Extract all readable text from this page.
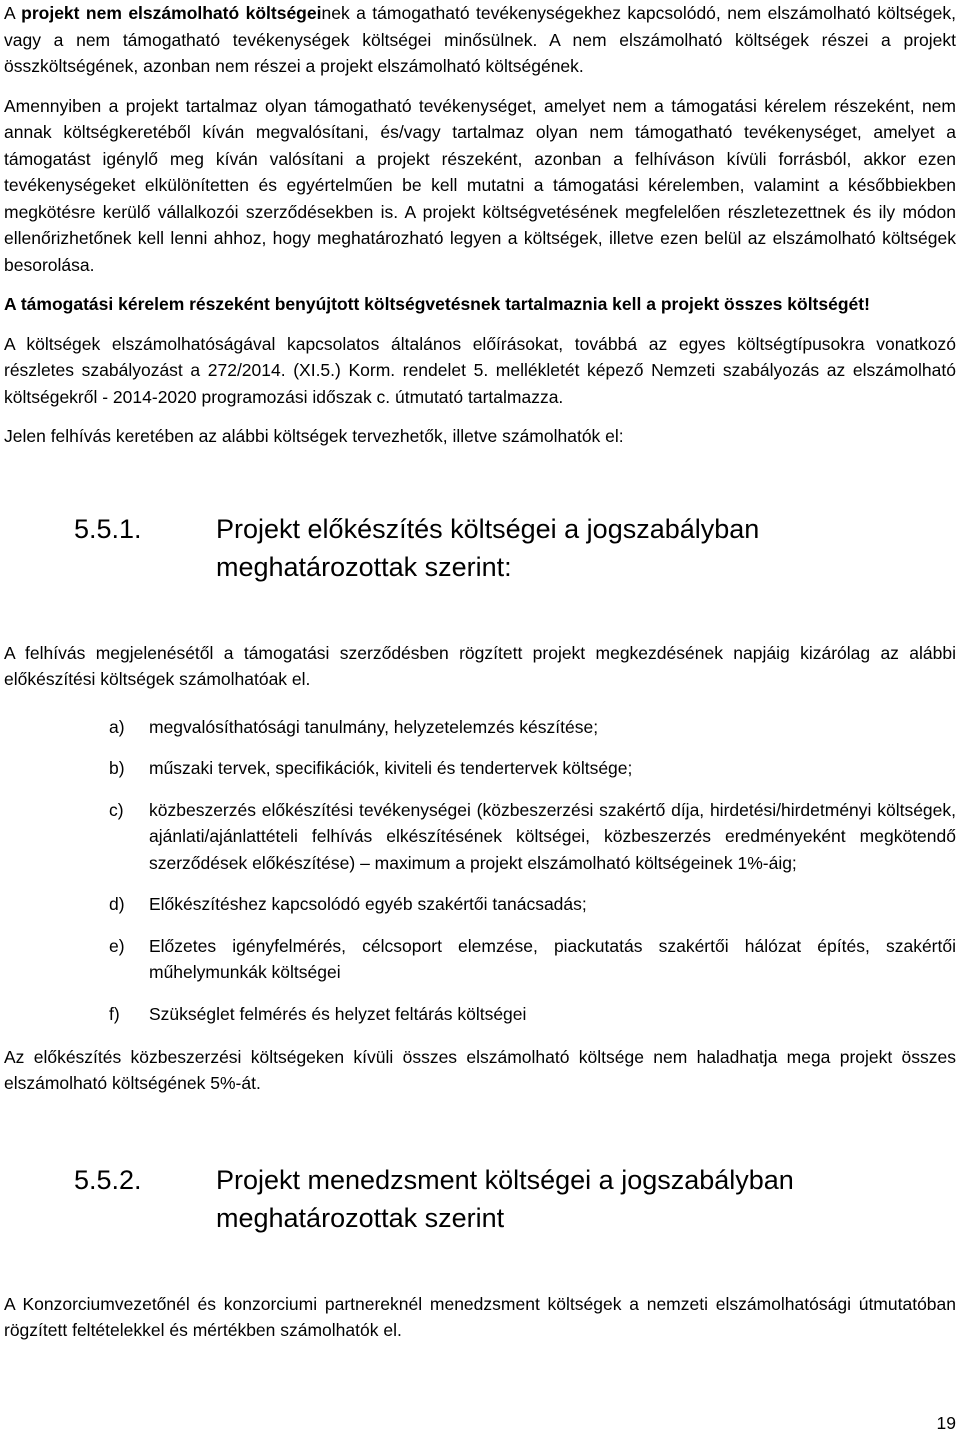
A projekt nem elszámolható költségeinek a támogatható tevékenységekhez kapcsolódó, nem elszámolható költségek, vagy a nem támogatható tevékenységek költségei minősülnek. A nem elszámolható költségek részei a projekt összköltségének, azonban nem részei a projekt elszámolható költségének.

Amennyiben a projekt tartalmaz olyan támogatható tevékenységet, amelyet nem a támogatási kérelem részeként, nem annak költségkeretéből kíván megvalósítani, és/vagy tartalmaz olyan nem támogatható tevékenységet, amelyet a támogatást igénylő meg kíván valósítani a projekt részeként, azonban a felhíváson kívüli forrásból, akkor ezen tevékenységeket elkülönítetten és egyértelműen be kell mutatni a támogatási kérelemben, valamint a későbbiekben megkötésre kerülő vállalkozói szerződésekben is. A projekt költségvetésének megfelelően részletezettnek és ily módon ellenőrizhetőnek kell lenni ahhoz, hogy meghatározható legyen a költségek, illetve ezen belül az elszámolható költségek besorolása.

A támogatási kérelem részeként benyújtott költségvetésnek tartalmaznia kell a projekt összes költségét!

A költségek elszámolhatóságával kapcsolatos általános előírásokat, továbbá az egyes költségtípusokra vonatkozó részletes szabályozást a 272/2014. (XI.5.) Korm. rendelet 5. mellékletét képező Nemzeti szabályozás az elszámolható költségekről - 2014-2020 programozási időszak c. útmutató tartalmazza.

Jelen felhívás keretében az alábbi költségek tervezhetők, illetve számolhatók el:

5.5.1.	Projekt előkészítés költségei a jogszabályban meghatározottak szerint:

A felhívás megjelenésétől a támogatási szerződésben rögzített projekt megkezdésének napjáig kizárólag az alábbi előkészítési költségek számolhatóak el.

a)	megvalósíthatósági tanulmány, helyzetelemzés készítése;
b)	műszaki tervek, specifikációk, kiviteli és tendertervek költsége;
c)	közbeszerzés előkészítési tevékenységei (közbeszerzési szakértő díja, hirdetési/hirdetményi költségek, ajánlati/ajánlattételi felhívás elkészítésének költségei, közbeszerzés eredményeként megkötendő szerződések előkészítése) – maximum a projekt elszámolható költségeinek 1%-áig;
d)	Előkészítéshez kapcsolódó egyéb szakértői tanácsadás;
e)	Előzetes igényfelmérés, célcsoport elemzése, piackutatás szakértői hálózat építés, szakértői műhelymunkák költségei
f)	Szükséglet felmérés és helyzet feltárás költségei

Az előkészítés közbeszerzési költségeken kívüli összes elszámolható költsége nem haladhatja mega projekt összes elszámolható költségének 5%-át.

5.5.2.	Projekt menedzsment költségei a jogszabályban meghatározottak szerint

A Konzorciumvezetőnél és konzorciumi partnereknél menedzsment költségek a nemzeti elszámolhatósági útmutatóban rögzített feltételekkel és mértékben számolhatók el.

19
